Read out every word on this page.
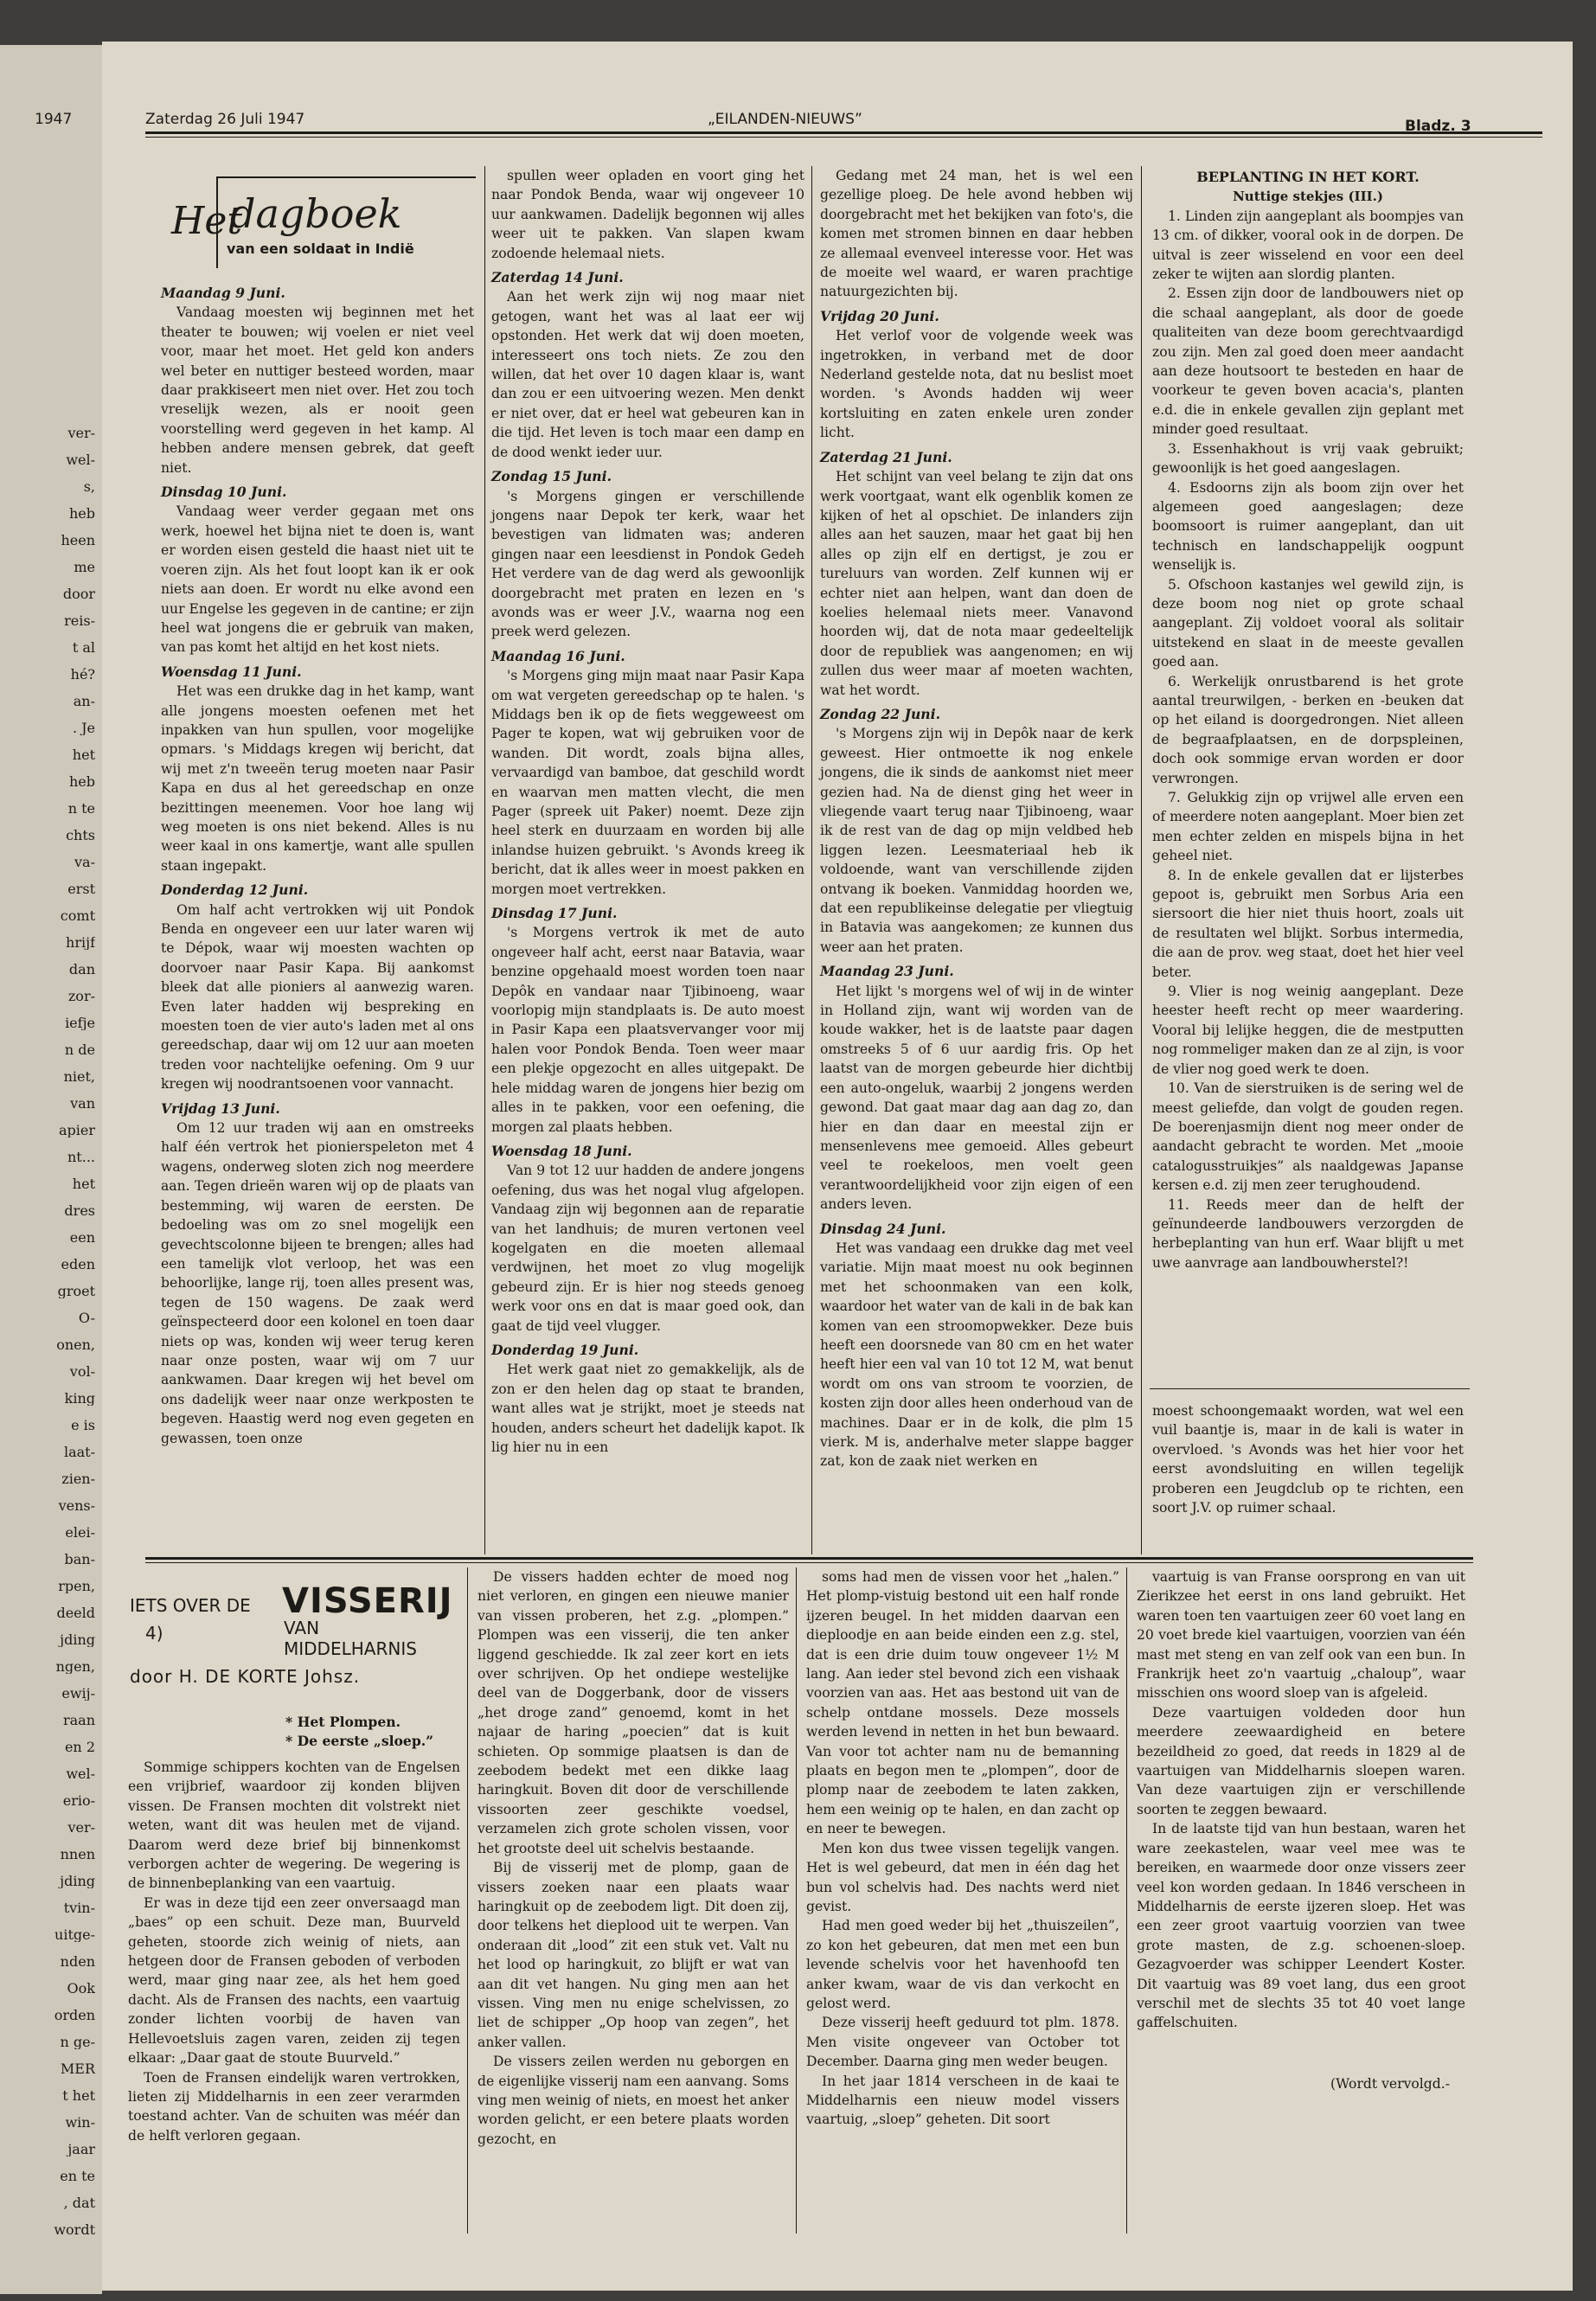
ver-
wel-
s,
heb
heen
me
door
reis-
t al
hé?
an-
. Je
het
heb
n te
chts
va-
erst
comt
hrijf
dan
zor-
iefje
n de
niet,
van
apier
nt...
het
dres
een
eden
groet
O-
onen,
vol-
king
e is
laat-
zien-
vens-
elei-
ban-
rpen,
deeld
jding
ngen,
ewij-
raan
en 2
wel-
erio-
ver-
nnen
jding
tvin-
uitge-
nden
Ook
orden
n ge-
MER
t het
win-
jaar
en te
, dat
wordt
1947	Zaterdag 26 Juli 1947	„EILANDEN-NIEUWS”	Bladz. 3
Het
dagboek
van een soldaat in Indië
Maandag 9 Juni.

Vandaag moesten wij beginnen met het theater te bouwen; wij voelen er niet veel voor, maar het moet. Het geld kon anders wel beter en nuttiger besteed worden, maar daar prakkiseert men niet over. Het zou toch vreselijk wezen, als er nooit geen voorstelling werd gegeven in het kamp. Al hebben andere mensen gebrek, dat geeft niet.

Dinsdag 10 Juni.

Vandaag weer verder gegaan met ons werk, hoewel het bijna niet te doen is, want er worden eisen gesteld die haast niet uit te voeren zijn. Als het fout loopt kan ik er ook niets aan doen. Er wordt nu elke avond een uur Engelse les gegeven in de cantine; er zijn heel wat jongens die er gebruik van maken, van pas komt het altijd en het kost niets.

Woensdag 11 Juni.

Het was een drukke dag in het kamp, want alle jongens moesten oefenen met het inpakken van hun spullen, voor mogelijke opmars. 's Middags kregen wij bericht, dat wij met z'n tweeën terug moeten naar Pasir Kapa en dus al het gereedschap en onze bezittingen meenemen. Voor hoe lang wij weg moeten is ons niet bekend. Alles is nu weer kaal in ons kamertje, want alle spullen staan ingepakt.

Donderdag 12 Juni.

Om half acht vertrokken wij uit Pondok Benda en ongeveer een uur later waren wij te Dépok, waar wij moesten wachten op doorvoer naar Pasir Kapa. Bij aankomst bleek dat alle pioniers al aanwezig waren. Even later hadden wij bespreking en moesten toen de vier auto's laden met al ons gereedschap, daar wij om 12 uur aan moeten treden voor nachtelijke oefening. Om 9 uur kregen wij noodrantsoenen voor vannacht.

Vrijdag 13 Juni.

Om 12 uur traden wij aan en omstreeks half één vertrok het pionierspeleton met 4 wagens, onderweg sloten zich nog meerdere aan. Tegen drieën waren wij op de plaats van bestemming, wij waren de eersten. De bedoeling was om zo snel mogelijk een gevechtscolonne bijeen te brengen; alles had een tamelijk vlot verloop, het was een behoorlijke, lange rij, toen alles present was, tegen de 150 wagens. De zaak werd geïnspecteerd door een kolonel en toen daar niets op was, konden wij weer terug keren naar onze posten, waar wij om 7 uur aankwamen. Daar kregen wij het bevel om ons dadelijk weer naar onze werkposten te begeven. Haastig werd nog even gegeten en gewassen, toen onze

spullen weer opladen en voort ging het naar Pondok Benda, waar wij ongeveer 10 uur aankwamen. Dadelijk begonnen wij alles weer uit te pakken. Van slapen kwam zodoende helemaal niets.

Zaterdag 14 Juni.

Aan het werk zijn wij nog maar niet getogen, want het was al laat eer wij opstonden. Het werk dat wij doen moeten, interesseert ons toch niets. Ze zou den willen, dat het over 10 dagen klaar is, want dan zou er een uitvoering wezen. Men denkt er niet over, dat er heel wat gebeuren kan in die tijd. Het leven is toch maar een damp en de dood wenkt ieder uur.

Zondag 15 Juni.

's Morgens gingen er verschillende jongens naar Depok ter kerk, waar het bevestigen van lidmaten was; anderen gingen naar een leesdienst in Pondok Gedeh Het verdere van de dag werd als gewoonlijk doorgebracht met praten en lezen en 's avonds was er weer J.V., waarna nog een preek werd gelezen.

Maandag 16 Juni.

's Morgens ging mijn maat naar Pasir Kapa om wat vergeten gereedschap op te halen. 's Middags ben ik op de fiets weggeweest om Pager te kopen, wat wij gebruiken voor de wanden. Dit wordt, zoals bijna alles, vervaardigd van bamboe, dat geschild wordt en waarvan men matten vlecht, die men Pager (spreek uit Paker) noemt. Deze zijn heel sterk en duurzaam en worden bij alle inlandse huizen gebruikt. 's Avonds kreeg ik bericht, dat ik alles weer in moest pakken en morgen moet vertrekken.

Dinsdag 17 Juni.

's Morgens vertrok ik met de auto ongeveer half acht, eerst naar Batavia, waar benzine opgehaald moest worden toen naar Depôk en vandaar naar Tjibinoeng, waar voorlopig mijn standplaats is. De auto moest in Pasir Kapa een plaatsvervanger voor mij halen voor Pondok Benda. Toen weer maar een plekje opgezocht en alles uitgepakt. De hele middag waren de jongens hier bezig om alles in te pakken, voor een oefening, die morgen zal plaats hebben.

Woensdag 18 Juni.

Van 9 tot 12 uur hadden de andere jongens oefening, dus was het nogal vlug afgelopen. Vandaag zijn wij begonnen aan de reparatie van het landhuis; de muren vertonen veel kogelgaten en die moeten allemaal verdwijnen, het moet zo vlug mogelijk gebeurd zijn. Er is hier nog steeds genoeg werk voor ons en dat is maar goed ook, dan gaat de tijd veel vlugger.

Donderdag 19 Juni.

Het werk gaat niet zo gemakkelijk, als de zon er den helen dag op staat te branden, want alles wat je strijkt, moet je steeds nat houden, anders scheurt het dadelijk kapot. Ik lig hier nu in een

Gedang met 24 man, het is wel een gezellige ploeg. De hele avond hebben wij doorgebracht met het bekijken van foto's, die komen met stromen binnen en daar hebben ze allemaal evenveel interesse voor. Het was de moeite wel waard, er waren prachtige natuurgezichten bij.

Vrijdag 20 Juni.

Het verlof voor de volgende week was ingetrokken, in verband met de door Nederland gestelde nota, dat nu beslist moet worden. 's Avonds hadden wij weer kortsluiting en zaten enkele uren zonder licht.

Zaterdag 21 Juni.

Het schijnt van veel belang te zijn dat ons werk voortgaat, want elk ogenblik komen ze kijken of het al opschiet. De inlanders zijn alles aan het sauzen, maar het gaat bij hen alles op zijn elf en dertigst, je zou er tureluurs van worden. Zelf kunnen wij er echter niet aan helpen, want dan doen de koelies helemaal niets meer. Vanavond hoorden wij, dat de nota maar gedeeltelijk door de republiek was aangenomen; en wij zullen dus weer maar af moeten wachten, wat het wordt.

Zondag 22 Juni.

's Morgens zijn wij in Depôk naar de kerk geweest. Hier ontmoette ik nog enkele jongens, die ik sinds de aankomst niet meer gezien had. Na de dienst ging het weer in vliegende vaart terug naar Tjibinoeng, waar ik de rest van de dag op mijn veldbed heb liggen lezen. Leesmateriaal heb ik voldoende, want van verschillende zijden ontvang ik boeken. Vanmiddag hoorden we, dat een republikeinse delegatie per vliegtuig in Batavia was aangekomen; ze kunnen dus weer aan het praten.

Maandag 23 Juni.

Het lijkt 's morgens wel of wij in de winter in Holland zijn, want wij worden van de koude wakker, het is de laatste paar dagen omstreeks 5 of 6 uur aardig fris. Op het laatst van de morgen gebeurde hier dichtbij een auto-ongeluk, waarbij 2 jongens werden gewond. Dat gaat maar dag aan dag zo, dan hier en dan daar en meestal zijn er mensenlevens mee gemoeid. Alles gebeurt veel te roekeloos, men voelt geen verantwoordelijkheid voor zijn eigen of een anders leven.

Dinsdag 24 Juni.

Het was vandaag een drukke dag met veel variatie. Mijn maat moest nu ook beginnen met het schoonmaken van een kolk, waardoor het water van de kali in de bak kan komen van een stroomopwekker. Deze buis heeft een doorsnede van 80 cm en het water heeft hier een val van 10 tot 12 M, wat benut wordt om ons van stroom te voorzien, de kosten zijn door alles heen onderhoud van de machines. Daar er in de kolk, die plm 15 vierk. M is, anderhalve meter slappe bagger zat, kon de zaak niet werken en

BEPLANTING IN HET KORT.

Nuttige stekjes (III.)

1. Linden zijn aangeplant als boompjes van 13 cm. of dikker, vooral ook in de dorpen. De uitval is zeer wisselend en voor een deel zeker te wijten aan slordig planten.

2. Essen zijn door de landbouwers niet op die schaal aangeplant, als door de goede qualiteiten van deze boom gerechtvaardigd zou zijn. Men zal goed doen meer aandacht aan deze houtsoort te besteden en haar de voorkeur te geven boven acacia's, planten e.d. die in enkele gevallen zijn geplant met minder goed resultaat.

3. Essenhakhout is vrij vaak gebruikt; gewoonlijk is het goed aangeslagen.

4. Esdoorns zijn als boom zijn over het algemeen goed aangeslagen; deze boomsoort is ruimer aangeplant, dan uit technisch en landschappelijk oogpunt wenselijk is.

5. Ofschoon kastanjes wel gewild zijn, is deze boom nog niet op grote schaal aangeplant. Zij voldoet vooral als solitair uitstekend en slaat in de meeste gevallen goed aan.

6. Werkelijk onrustbarend is het grote aantal treurwilgen, - berken en -beuken dat op het eiland is doorgedrongen. Niet alleen de begraafplaatsen, en de dorpspleinen, doch ook sommige ervan worden er door verwrongen.

7. Gelukkig zijn op vrijwel alle erven een of meerdere noten aangeplant. Moer bien zet men echter zelden en mispels bijna in het geheel niet.

8. In de enkele gevallen dat er lijsterbes gepoot is, gebruikt men Sorbus Aria een siersoort die hier niet thuis hoort, zoals uit de resultaten wel blijkt. Sorbus intermedia, die aan de prov. weg staat, doet het hier veel beter.

9. Vlier is nog weinig aangeplant. Deze heester heeft recht op meer waardering. Vooral bij lelijke heggen, die de mestputten nog rommeliger maken dan ze al zijn, is voor de vlier nog goed werk te doen.

10. Van de sierstruiken is de sering wel de meest geliefde, dan volgt de gouden regen. De boerenjasmijn dient nog meer onder de aandacht gebracht te worden. Met „mooie catalogusstruikjes” als naaldgewas Japanse kersen e.d. zij men zeer terughoudend.

11. Reeds meer dan de helft der geïnundeerde landbouwers verzorgden de herbeplanting van hun erf. Waar blijft u met uwe aanvrage aan landbouwherstel?!

moest schoongemaakt worden, wat wel een vuil baantje is, maar in de kali is water in overvloed. 's Avonds was het hier voor het eerst avondsluiting en willen tegelijk proberen een Jeugdclub op te richten, een soort J.V. op ruimer schaal.

IETS OVER DE VISSERIJ
4)	VAN MIDDELHARNIS
door H. DE KORTE Johsz.
* Het Plompen.
* De eerste „sloep.”

Sommige schippers kochten van de Engelsen een vrijbrief, waardoor zij konden blijven vissen. De Fransen mochten dit volstrekt niet weten, want dit was heulen met de vijand. Daarom werd deze brief bij binnenkomst verborgen achter de wegering. De wegering is de binnenbeplanking van een vaartuig.

Er was in deze tijd een zeer onversaagd man „baes” op een schuit. Deze man, Buurveld geheten, stoorde zich weinig of niets, aan hetgeen door de Fransen geboden of verboden werd, maar ging naar zee, als het hem goed dacht. Als de Fransen des nachts, een vaartuig zonder lichten voorbij de haven van Hellevoetsluis zagen varen, zeiden zij tegen elkaar: „Daar gaat de stoute Buurveld.”

Toen de Fransen eindelijk waren vertrokken, lieten zij Middelharnis in een zeer verarmden toestand achter. Van de schuiten was méér dan de helft verloren gegaan.

De vissers hadden echter de moed nog niet verloren, en gingen een nieuwe manier van vissen proberen, het z.g. „plompen.” Plompen was een visserij, die ten anker liggend geschiedde. Ik zal zeer kort en iets over schrijven. Op het ondiepe westelijke deel van de Doggerbank, door de vissers „het droge zand” genoemd, komt in het najaar de haring „poecien” dat is kuit schieten. Op sommige plaatsen is dan de zeebodem bedekt met een dikke laag haringkuit. Boven dit door de verschillende vissoorten zeer geschikte voedsel, verzamelen zich grote scholen vissen, voor het grootste deel uit schelvis bestaande.

Bij de visserij met de plomp, gaan de vissers zoeken naar een plaats waar haringkuit op de zeebodem ligt. Dit doen zij, door telkens het dieplood uit te werpen. Van onderaan dit „lood” zit een stuk vet. Valt nu het lood op haringkuit, zo blijft er wat van aan dit vet hangen. Nu ging men aan het vissen. Ving men nu enige schelvissen, zo liet de schipper „Op hoop van zegen”, het anker vallen.

De vissers zeilen werden nu geborgen en de eigenlijke visserij nam een aanvang. Soms ving men weinig of niets, en moest het anker worden gelicht, er een betere plaats worden gezocht, en

soms had men de vissen voor het „halen.” Het plomp-vistuig bestond uit een half ronde ijzeren beugel. In het midden daarvan een dieploodje en aan beide einden een z.g. stel, dat is een drie duim touw ongeveer 1½ M lang. Aan ieder stel bevond zich een vishaak voorzien van aas. Het aas bestond uit van de schelp ontdane mossels. Deze mossels werden levend in netten in het bun bewaard. Van voor tot achter nam nu de bemanning plaats en begon men te „plompen”, door de plomp naar de zeebodem te laten zakken, hem een weinig op te halen, en dan zacht op en neer te bewegen.

Men kon dus twee vissen tegelijk vangen. Het is wel gebeurd, dat men in één dag het bun vol schelvis had. Des nachts werd niet gevist.

Had men goed weder bij het „thuiszeilen”, zo kon het gebeuren, dat men met een bun levende schelvis voor het havenhoofd ten anker kwam, waar de vis dan verkocht en gelost werd.

Deze visserij heeft geduurd tot plm. 1878. Men visite ongeveer van October tot December. Daarna ging men weder beugen.

In het jaar 1814 verscheen in de kaai te Middelharnis een nieuw model vissers vaartuig, „sloep” geheten. Dit soort

vaartuig is van Franse oorsprong en van uit Zierikzee het eerst in ons land gebruikt. Het waren toen ten vaartuigen zeer 60 voet lang en 20 voet brede kiel vaartuigen, voorzien van één mast met steng en van zelf ook van een bun. In Frankrijk heet zo'n vaartuig „chaloup”, waar misschien ons woord sloep van is afgeleid.

Deze vaartuigen voldeden door hun meerdere zeewaardigheid en betere bezeildheid zo goed, dat reeds in 1829 al de vaartuigen van Middelharnis sloepen waren. Van deze vaartuigen zijn er verschillende soorten te zeggen bewaard.

In de laatste tijd van hun bestaan, waren het ware zeekastelen, waar veel mee was te bereiken, en waarmede door onze vissers zeer veel kon worden gedaan. In 1846 verscheen in Middelharnis de eerste ijzeren sloep. Het was een zeer groot vaartuig voorzien van twee grote masten, de z.g. schoenen-sloep. Gezagvoerder was schipper Leendert Koster. Dit vaartuig was 89 voet lang, dus een groot verschil met de slechts 35 tot 40 voet lange gaffelschuiten.

(Wordt vervolgd.-
